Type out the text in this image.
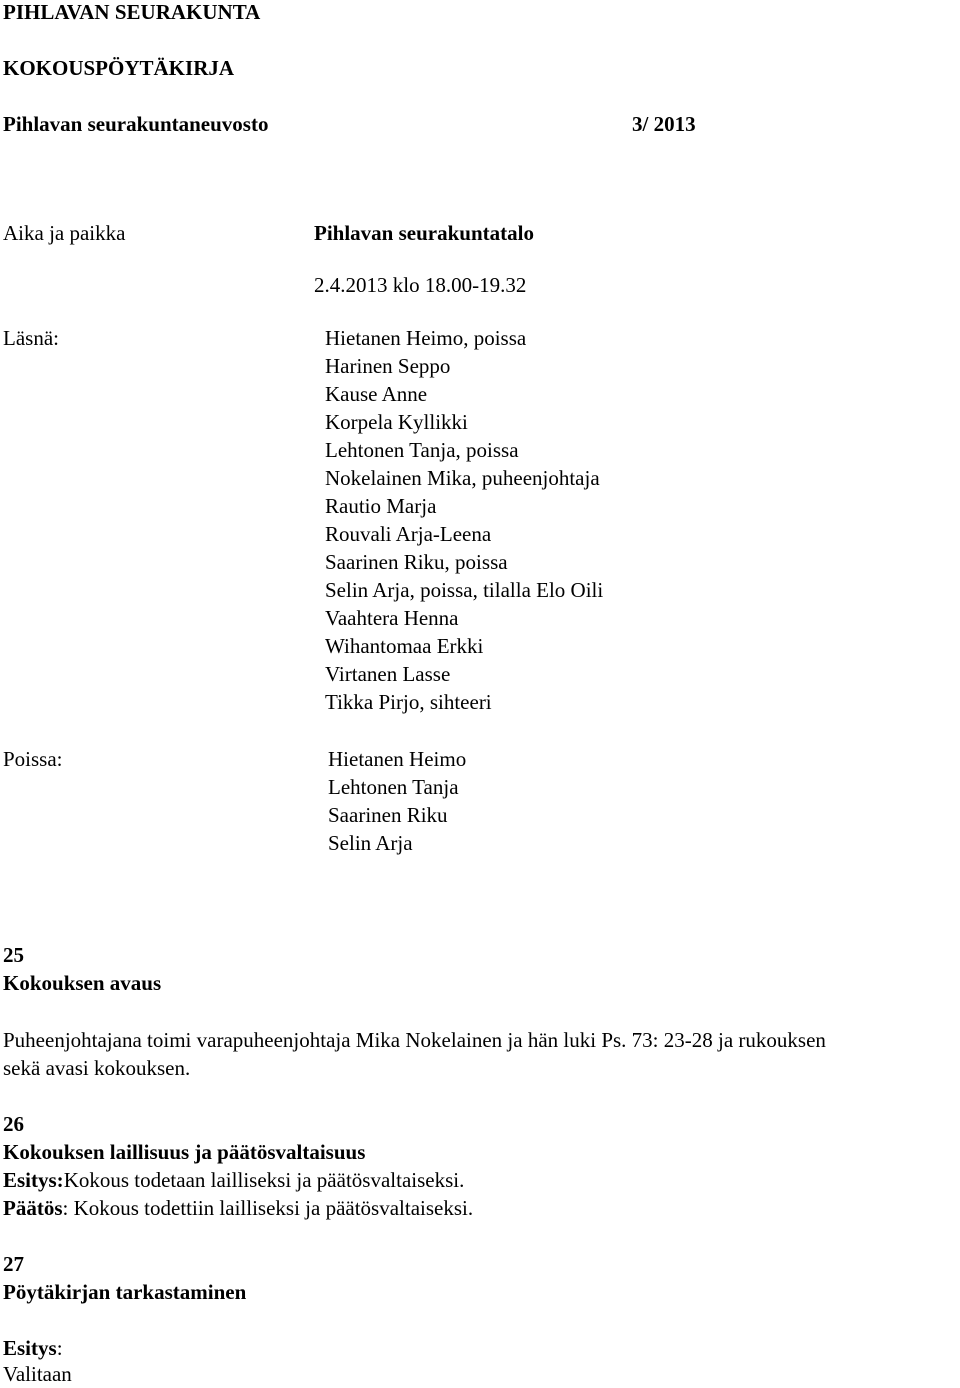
PIHLAVAN SEURAKUNTA
KOKOUSPÖYTÄKIRJA
Pihlavan seurakuntaneuvosto	3/ 2013
Aika ja paikka	Pihlavan seurakuntatalo
2.4.2013 klo 18.00-19.32
Läsnä:	Hietanen Heimo, poissa
Harinen Seppo
Kause Anne
Korpela Kyllikki
Lehtonen Tanja, poissa
Nokelainen Mika, puheenjohtaja
Rautio Marja
Rouvali Arja-Leena
Saarinen Riku, poissa
Selin Arja, poissa, tilalla Elo Oili
Vaahtera Henna
Wihantomaa Erkki
Virtanen Lasse
Tikka Pirjo, sihteeri
Poissa:	Hietanen Heimo
Lehtonen Tanja
Saarinen Riku
Selin Arja
25
Kokouksen avaus
Puheenjohtajana toimi varapuheenjohtaja Mika Nokelainen ja hän luki Ps. 73: 23-28 ja rukouksen
sekä avasi kokouksen.
26
Kokouksen laillisuus ja päätösvaltaisuus
Esitys:Kokous todetaan lailliseksi ja päätösvaltaiseksi.
Päätös: Kokous todettiin lailliseksi ja päätösvaltaiseksi.
27
Pöytäkirjan tarkastaminen
Esitys:
Valitaan
